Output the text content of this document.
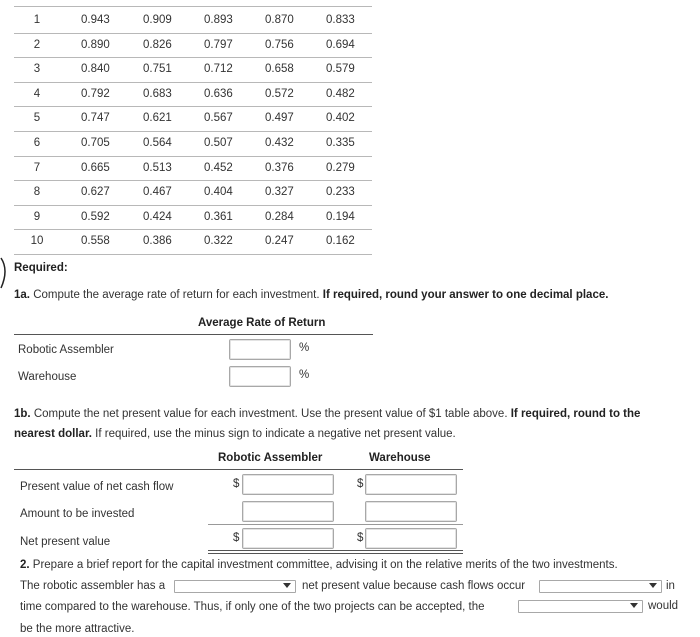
1	0.943	0.909	0.893	0.870	0.833
2	0.890	0.826	0.797	0.756	0.694
3	0.840	0.751	0.712	0.658	0.579
4	0.792	0.683	0.636	0.572	0.482
5	0.747	0.621	0.567	0.497	0.402
6	0.705	0.564	0.507	0.432	0.335
7	0.665	0.513	0.452	0.376	0.279
8	0.627	0.467	0.404	0.327	0.233
9	0.592	0.424	0.361	0.284	0.194
10	0.558	0.386	0.322	0.247	0.162
Required:
1a. Compute the average rate of return for each investment. If required, round your answer to one decimal place.
Average Rate of Return
Robotic Assembler	%
Warehouse	%
1b. Compute the net present value for each investment. Use the present value of $1 table above. If required, round to the nearest dollar. If required, use the minus sign to indicate a negative net present value.
Robotic Assembler	Warehouse
Present value of net cash flow	$	$
Amount to be invested
Net present value	$	$
2. Prepare a brief report for the capital investment committee, advising it on the relative merits of the two investments.
The robotic assembler has a	net present value because cash flows occur	in
time compared to the warehouse. Thus, if only one of the two projects can be accepted, the	would
be the more attractive.
